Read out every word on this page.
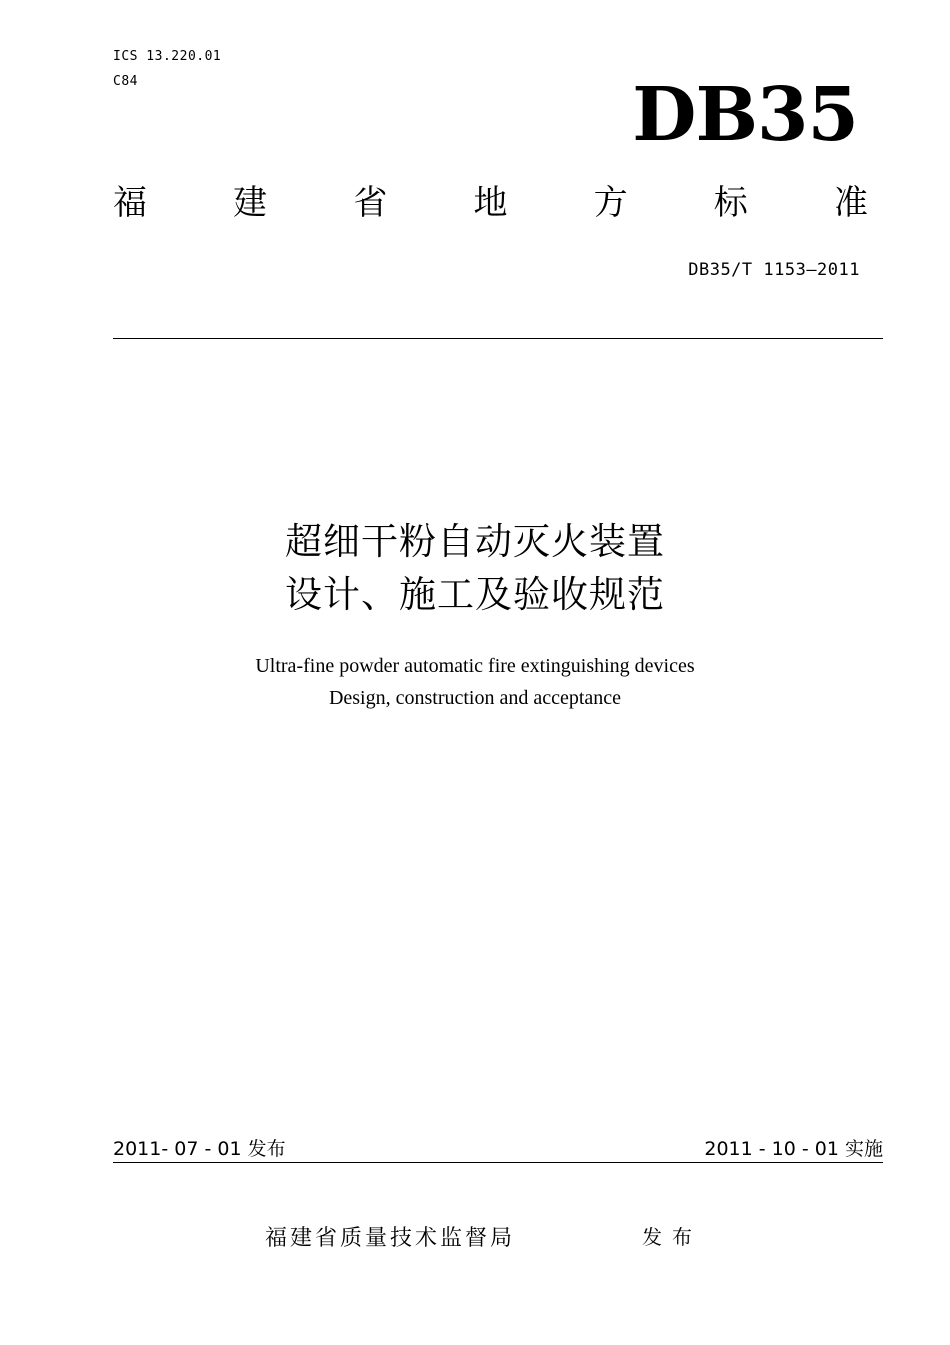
ICS 13.220.01
C84	DB35
福	建	省	地	方	标	准
DB35/T 1153—2011
超细干粉自动灭火装置
设计、施工及验收规范
Ultra-fine powder automatic fire extinguishing devices
Design, construction and acceptance
2011- 07 - 01 发布	2011 - 10 - 01 实施
福建省质量技术监督局	发布
